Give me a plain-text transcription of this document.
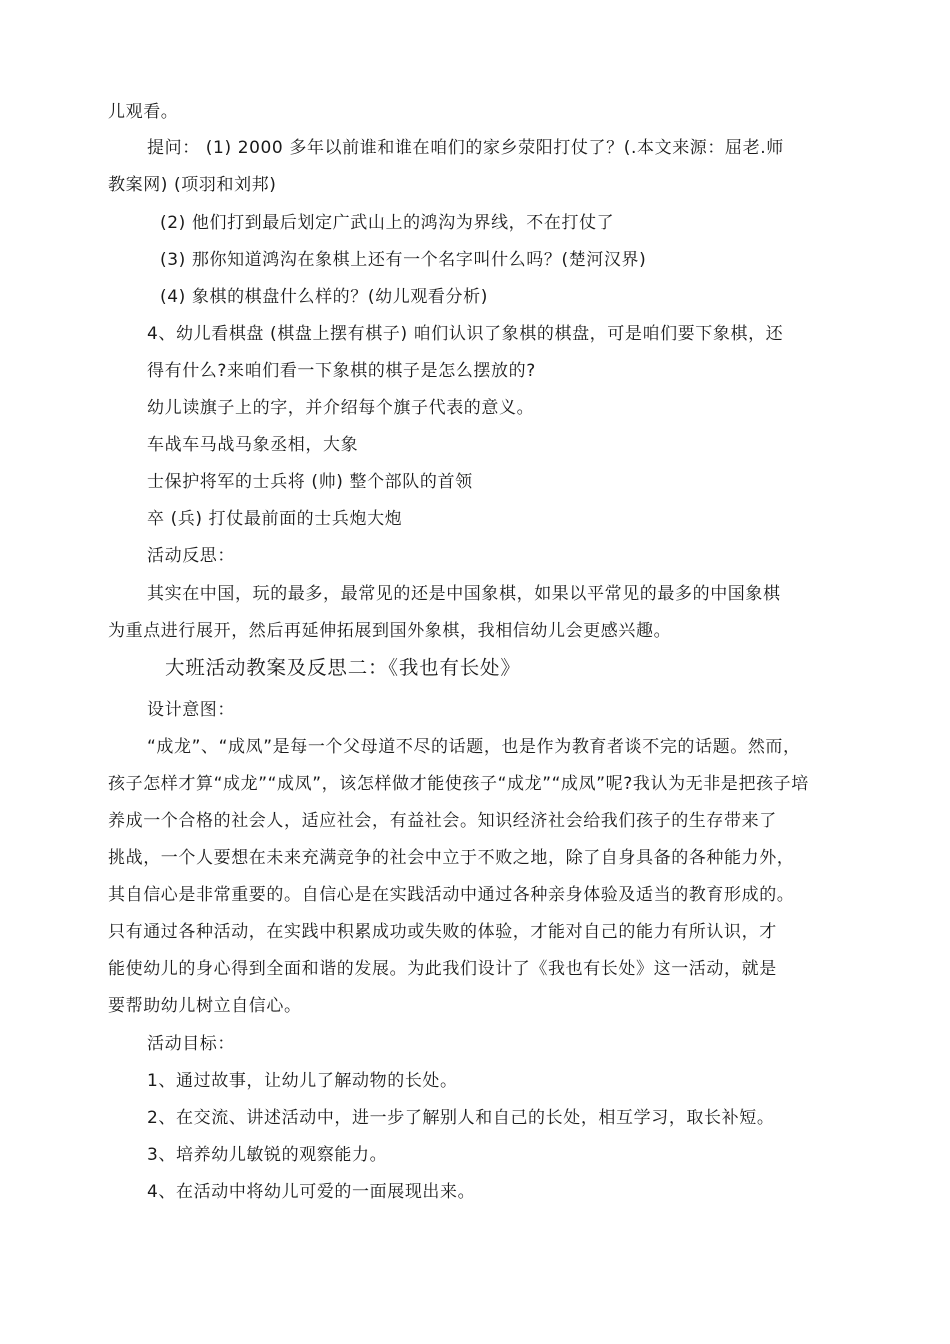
儿观看。
提问： (1) 2000 多年以前谁和谁在咱们的家乡荥阳打仗了？(.本文来源：屈老.师
教案网) (项羽和刘邦)
(2) 他们打到最后划定广武山上的鸿沟为界线，不在打仗了
(3) 那你知道鸿沟在象棋上还有一个名字叫什么吗？(楚河汉界)
(4) 象棋的棋盘什么样的？(幼儿观看分析)
4、幼儿看棋盘 (棋盘上摆有棋子) 咱们认识了象棋的棋盘，可是咱们要下象棋，还
得有什么?来咱们看一下象棋的棋子是怎么摆放的?
幼儿读旗子上的字，并介绍每个旗子代表的意义。
车战车马战马象丞相，大象
士保护将军的士兵将 (帅) 整个部队的首领
卒 (兵) 打仗最前面的士兵炮大炮
活动反思：
其实在中国，玩的最多，最常见的还是中国象棋，如果以平常见的最多的中国象棋
为重点进行展开，然后再延伸拓展到国外象棋，我相信幼儿会更感兴趣。
大班活动教案及反思二：《我也有长处》
设计意图：
“成龙”、“成凤”是每一个父母道不尽的话题，也是作为教育者谈不完的话题。然而，
孩子怎样才算“成龙”“成凤”，该怎样做才能使孩子“成龙”“成凤”呢?我认为无非是把孩子培
养成一个合格的社会人，适应社会，有益社会。知识经济社会给我们孩子的生存带来了
挑战，一个人要想在未来充满竞争的社会中立于不败之地，除了自身具备的各种能力外，
其自信心是非常重要的。自信心是在实践活动中通过各种亲身体验及适当的教育形成的。
只有通过各种活动，在实践中积累成功或失败的体验，才能对自己的能力有所认识，才
能使幼儿的身心得到全面和谐的发展。为此我们设计了《我也有长处》这一活动，就是
要帮助幼儿树立自信心。
活动目标：
1、通过故事，让幼儿了解动物的长处。
2、在交流、讲述活动中，进一步了解别人和自己的长处，相互学习，取长补短。
3、培养幼儿敏锐的观察能力。
4、在活动中将幼儿可爱的一面展现出来。
